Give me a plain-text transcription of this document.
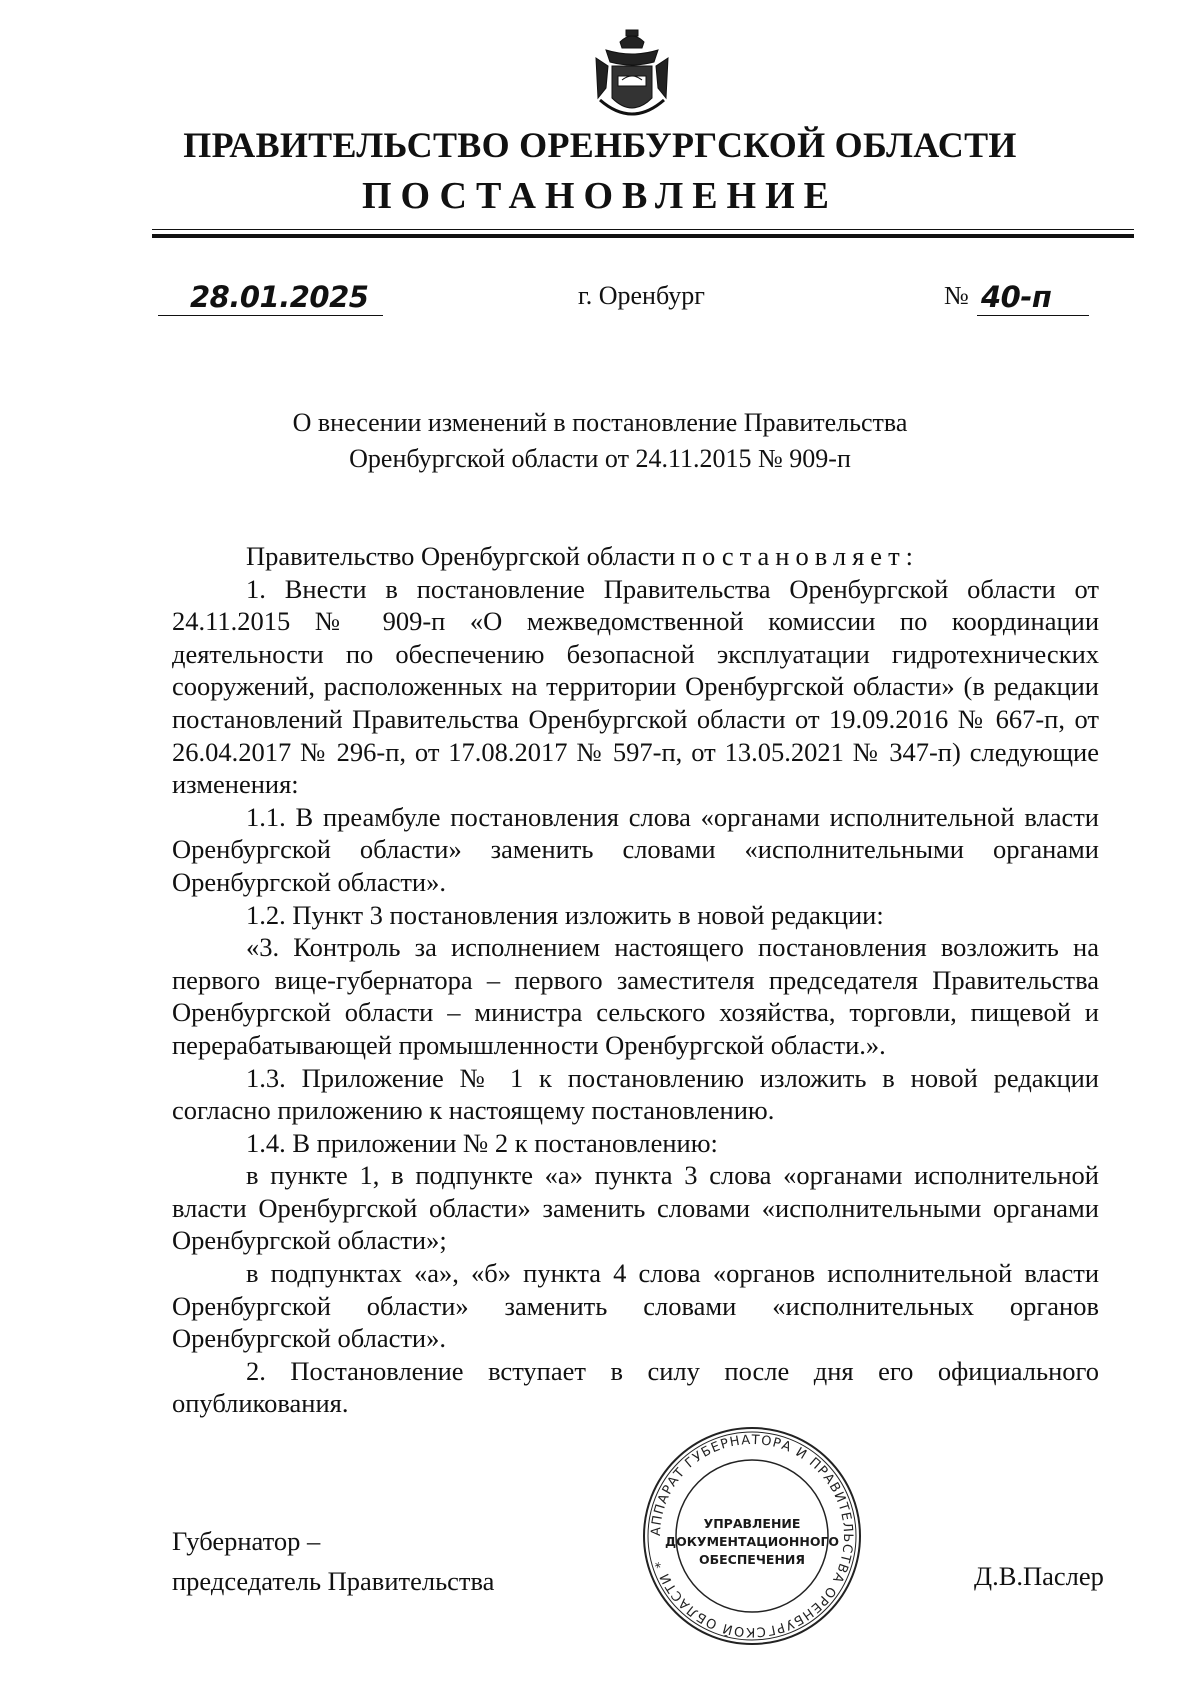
ПРАВИТЕЛЬСТВО ОРЕНБУРГСКОЙ ОБЛАСТИ
ПОСТАНОВЛЕНИЕ
28.01.2025	г. Оренбург	№ 40-п
О внесении изменений в постановление Правительства
Оренбургской области от 24.11.2015 № 909-п

Правительство Оренбургской области постановляет:

1. Внести в постановление Правительства Оренбургской области от 24.11.2015 № 909-п «О межведомственной комиссии по координации деятельности по обеспечению безопасной эксплуатации гидротехнических сооружений, расположенных на территории Оренбургской области» (в редакции постановлений Правительства Оренбургской области от 19.09.2016 № 667-п, от 26.04.2017 № 296-п, от 17.08.2017 № 597-п, от 13.05.2021 № 347-п) следующие изменения:

1.1. В преамбуле постановления слова «органами исполнительной власти Оренбургской области» заменить словами «исполнительными органами Оренбургской области».

1.2. Пункт 3 постановления изложить в новой редакции:

«3. Контроль за исполнением настоящего постановления возложить на первого вице-губернатора – первого заместителя председателя Правительства Оренбургской области – министра сельского хозяйства, торговли, пищевой и перерабатывающей промышленности Оренбургской области.».

1.3. Приложение № 1 к постановлению изложить в новой редакции согласно приложению к настоящему постановлению.

1.4. В приложении № 2 к постановлению:

в пункте 1, в подпункте «а» пункта 3 слова «органами исполнительной власти Оренбургской области» заменить словами «исполнительными органами Оренбургской области»;

в подпунктах «а», «б» пункта 4 слова «органов исполнительной власти Оренбургской области» заменить словами «исполнительных органов Оренбургской области».

2. Постановление вступает в силу после дня его официального опубликования.

Губернатор –
председатель Правительства	Д.В.Паслер
АППАРАТ ГУБЕРНАТОРА И ПРАВИТЕЛЬСТВА ОРЕНБУРГСКОЙ ОБЛАСТИ *
УПРАВЛЕНИЕ
ДОКУМЕНТАЦИОННОГО
ОБЕСПЕЧЕНИЯ
